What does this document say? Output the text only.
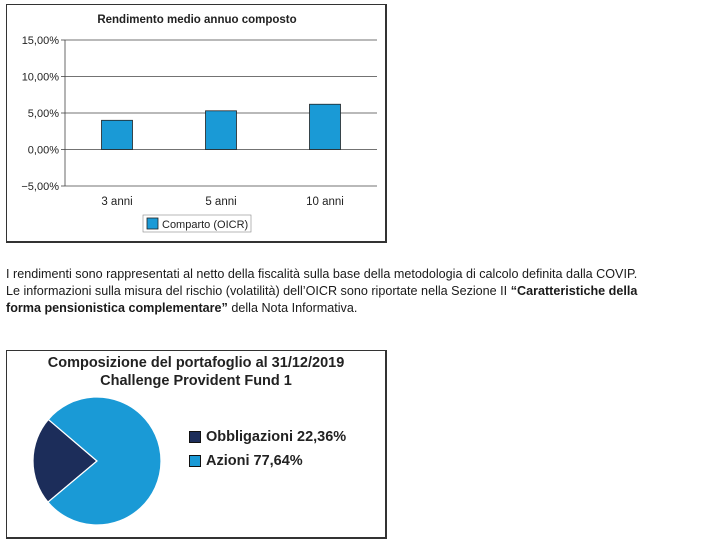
Rendimento medio annuo composto
15,00%
10,00%
5,00%
0,00%
−5,00%
3 anni	5 anni	10 anni
Comparto (OICR)

I rendimenti sono rappresentati al netto della fiscalità sulla base della metodologia di calcolo definita dalla COVIP.

Le informazioni sulla misura del rischio (volatilità) dell’OICR sono riportate nella Sezione II “Caratteristiche della

forma pensionistica complementare” della Nota Informativa.

Composizione del portafoglio al 31/12/2019
Challenge Provident Fund 1
Obbligazioni 22,36%
Azioni 77,64%
